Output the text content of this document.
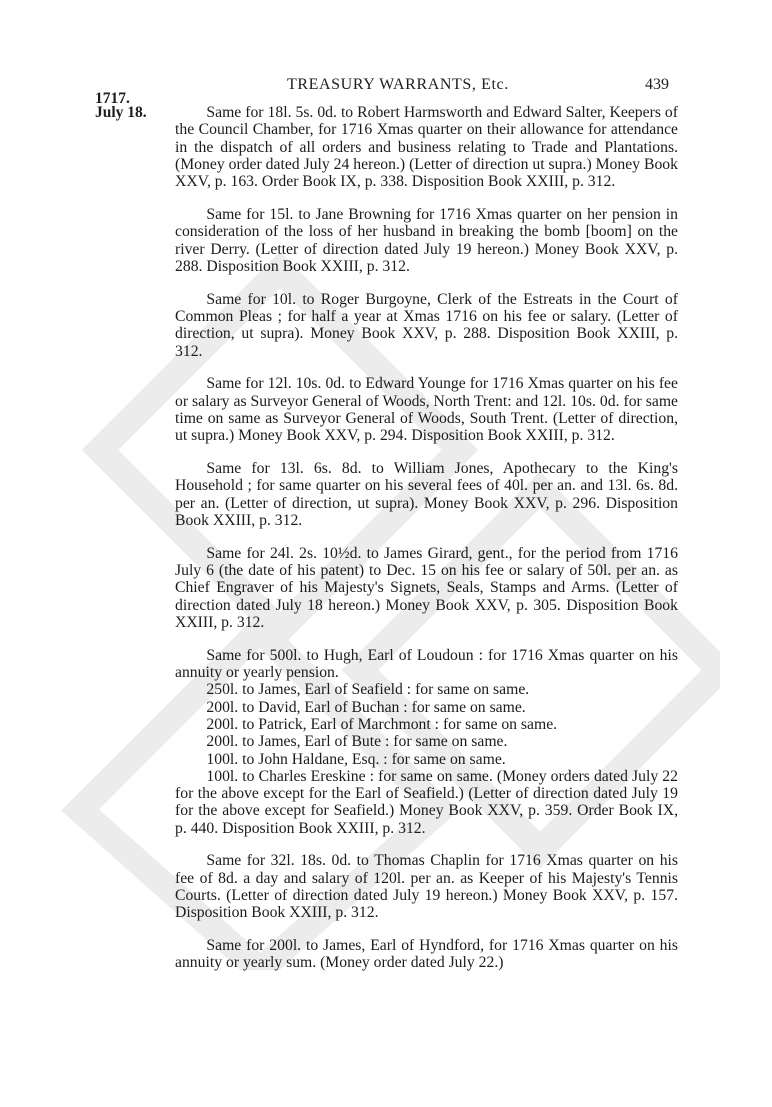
1717.
TREASURY WARRANTS, Etc.	439
July 18.	Same for 18l. 5s. 0d. to Robert Harmsworth and Edward Salter, Keepers of the Council Chamber, for 1716 Xmas quarter on their allowance for attendance in the dispatch of all orders and business relating to Trade and Plantations. (Money order dated July 24 hereon.) (Letter of direction ut supra.) Money Book XXV, p. 163. Order Book IX, p. 338. Disposition Book XXIII, p. 312.

Same for 15l. to Jane Browning for 1716 Xmas quarter on her pension in consideration of the loss of her husband in breaking the bomb [boom] on the river Derry. (Letter of direction dated July 19 hereon.) Money Book XXV, p. 288. Disposition Book XXIII, p. 312.

Same for 10l. to Roger Burgoyne, Clerk of the Estreats in the Court of Common Pleas ; for half a year at Xmas 1716 on his fee or salary. (Letter of direction, ut supra). Money Book XXV, p. 288. Disposition Book XXIII, p. 312.

Same for 12l. 10s. 0d. to Edward Younge for 1716 Xmas quarter on his fee or salary as Surveyor General of Woods, North Trent: and 12l. 10s. 0d. for same time on same as Surveyor General of Woods, South Trent. (Letter of direction, ut supra.) Money Book XXV, p. 294. Disposition Book XXIII, p. 312.

Same for 13l. 6s. 8d. to William Jones, Apothecary to the King's Household ; for same quarter on his several fees of 40l. per an. and 13l. 6s. 8d. per an. (Letter of direction, ut supra). Money Book XXV, p. 296. Disposition Book XXIII, p. 312.

Same for 24l. 2s. 10½d. to James Girard, gent., for the period from 1716 July 6 (the date of his patent) to Dec. 15 on his fee or salary of 50l. per an. as Chief Engraver of his Majesty's Signets, Seals, Stamps and Arms. (Letter of direction dated July 18 hereon.) Money Book XXV, p. 305. Disposition Book XXIII, p. 312.

Same for 500l. to Hugh, Earl of Loudoun : for 1716 Xmas quarter on his annuity or yearly pension.
250l. to James, Earl of Seafield : for same on same.
200l. to David, Earl of Buchan : for same on same.
200l. to Patrick, Earl of Marchmont : for same on same.
200l. to James, Earl of Bute : for same on same.
100l. to John Haldane, Esq. : for same on same.
100l. to Charles Ereskine : for same on same. (Money orders dated July 22 for the above except for the Earl of Seafield.) (Letter of direction dated July 19 for the above except for Seafield.) Money Book XXV, p. 359. Order Book IX, p. 440. Disposition Book XXIII, p. 312.

Same for 32l. 18s. 0d. to Thomas Chaplin for 1716 Xmas quarter on his fee of 8d. a day and salary of 120l. per an. as Keeper of his Majesty's Tennis Courts. (Letter of direction dated July 19 hereon.) Money Book XXV, p. 157. Disposition Book XXIII, p. 312.

Same for 200l. to James, Earl of Hyndford, for 1716 Xmas quarter on his annuity or yearly sum. (Money order dated July 22.)
